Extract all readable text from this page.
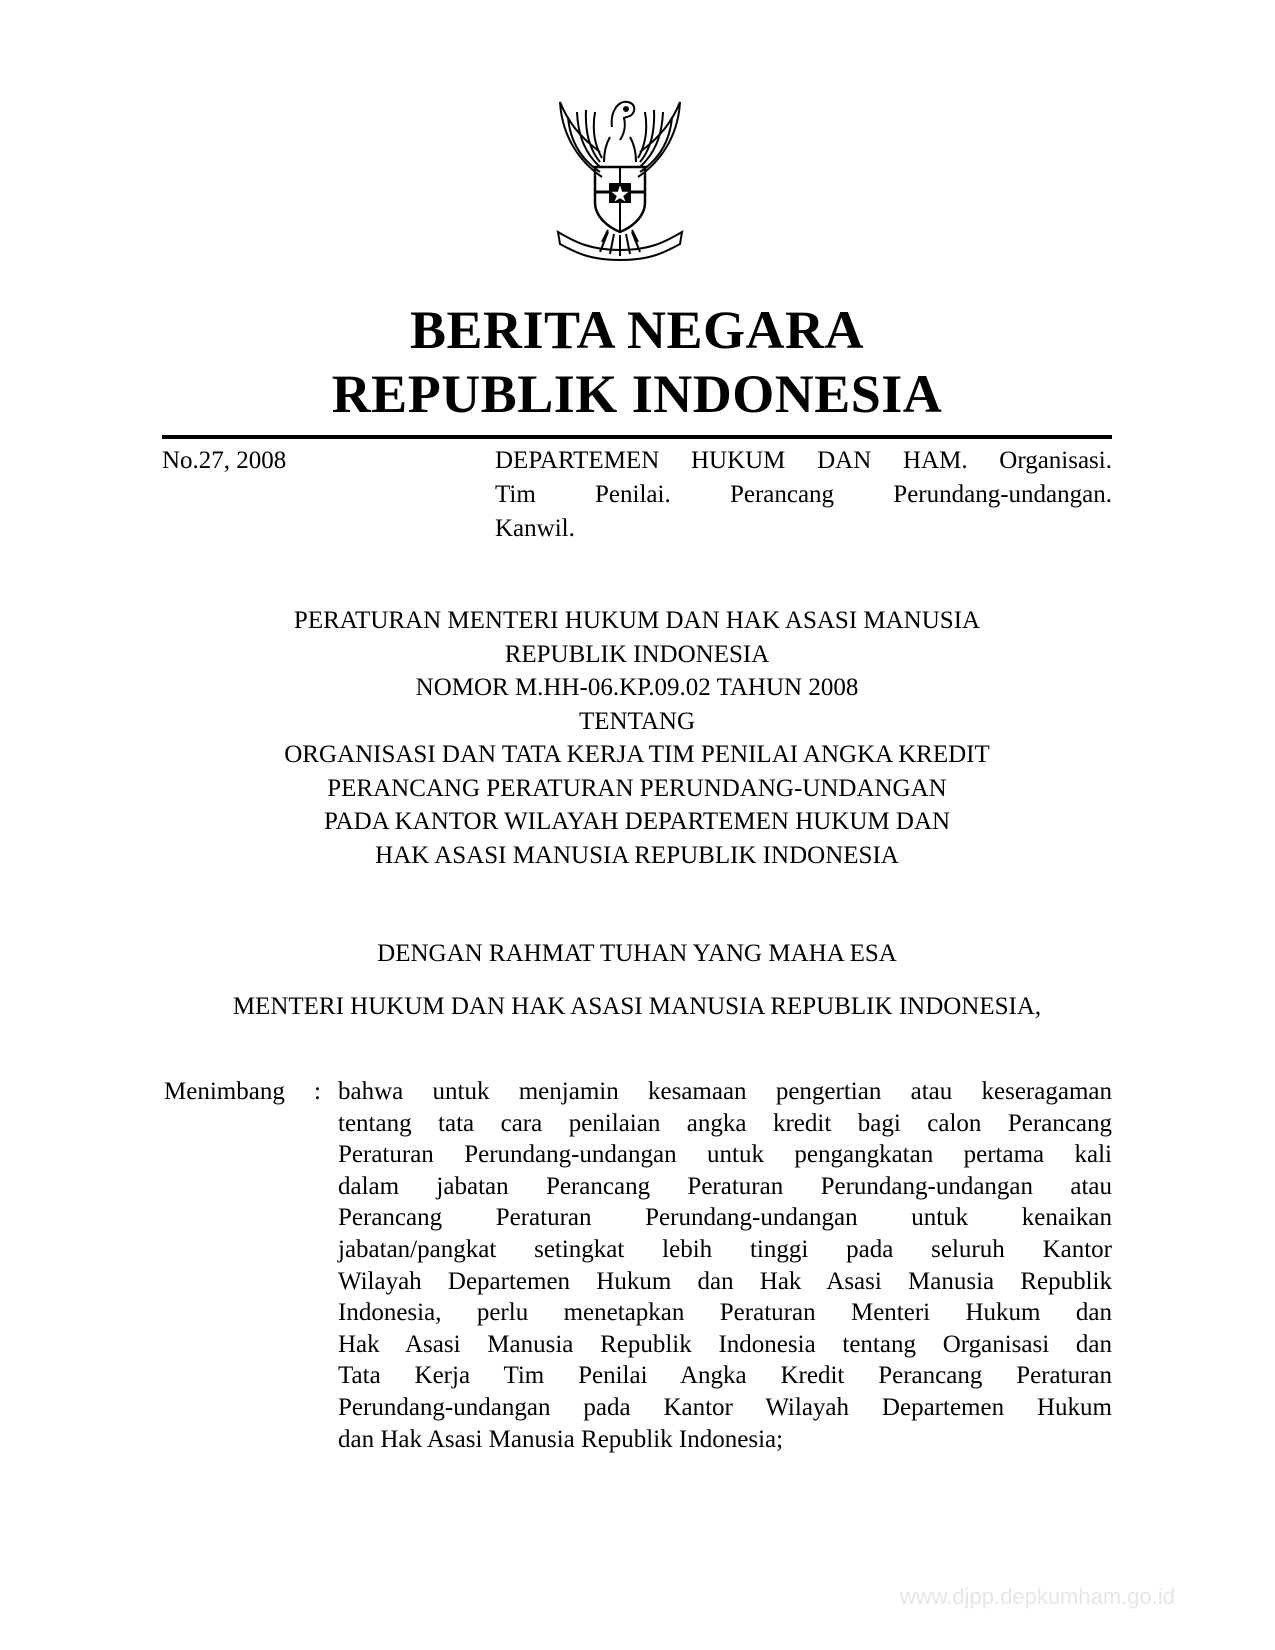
BERITA NEGARA
REPUBLIK INDONESIA
No.27, 2008	DEPARTEMEN HUKUM DAN HAM. Organisasi.
Tim Penilai. Perancang Perundang-undangan.
Kanwil.
PERATURAN MENTERI HUKUM DAN HAK ASASI MANUSIA
REPUBLIK INDONESIA
NOMOR M.HH-06.KP.09.02 TAHUN 2008
TENTANG
ORGANISASI DAN TATA KERJA TIM PENILAI ANGKA KREDIT
PERANCANG PERATURAN PERUNDANG-UNDANGAN
PADA KANTOR WILAYAH DEPARTEMEN HUKUM DAN
HAK ASASI MANUSIA REPUBLIK INDONESIA
DENGAN RAHMAT TUHAN YANG MAHA ESA
MENTERI HUKUM DAN HAK ASASI MANUSIA REPUBLIK INDONESIA,
Menimbang : bahwa untuk menjamin kesamaan pengertian atau keseragaman
tentang tata cara penilaian angka kredit bagi calon Perancang
Peraturan Perundang-undangan untuk pengangkatan pertama kali
dalam jabatan Perancang Peraturan Perundang-undangan atau
Perancang Peraturan Perundang-undangan untuk kenaikan
jabatan/pangkat setingkat lebih tinggi pada seluruh Kantor
Wilayah Departemen Hukum dan Hak Asasi Manusia Republik
Indonesia, perlu menetapkan Peraturan Menteri Hukum dan
Hak Asasi Manusia Republik Indonesia tentang Organisasi dan
Tata Kerja Tim Penilai Angka Kredit Perancang Peraturan
Perundang-undangan pada Kantor Wilayah Departemen Hukum
dan Hak Asasi Manusia Republik Indonesia;
www.djpp.depkumham.go.id
